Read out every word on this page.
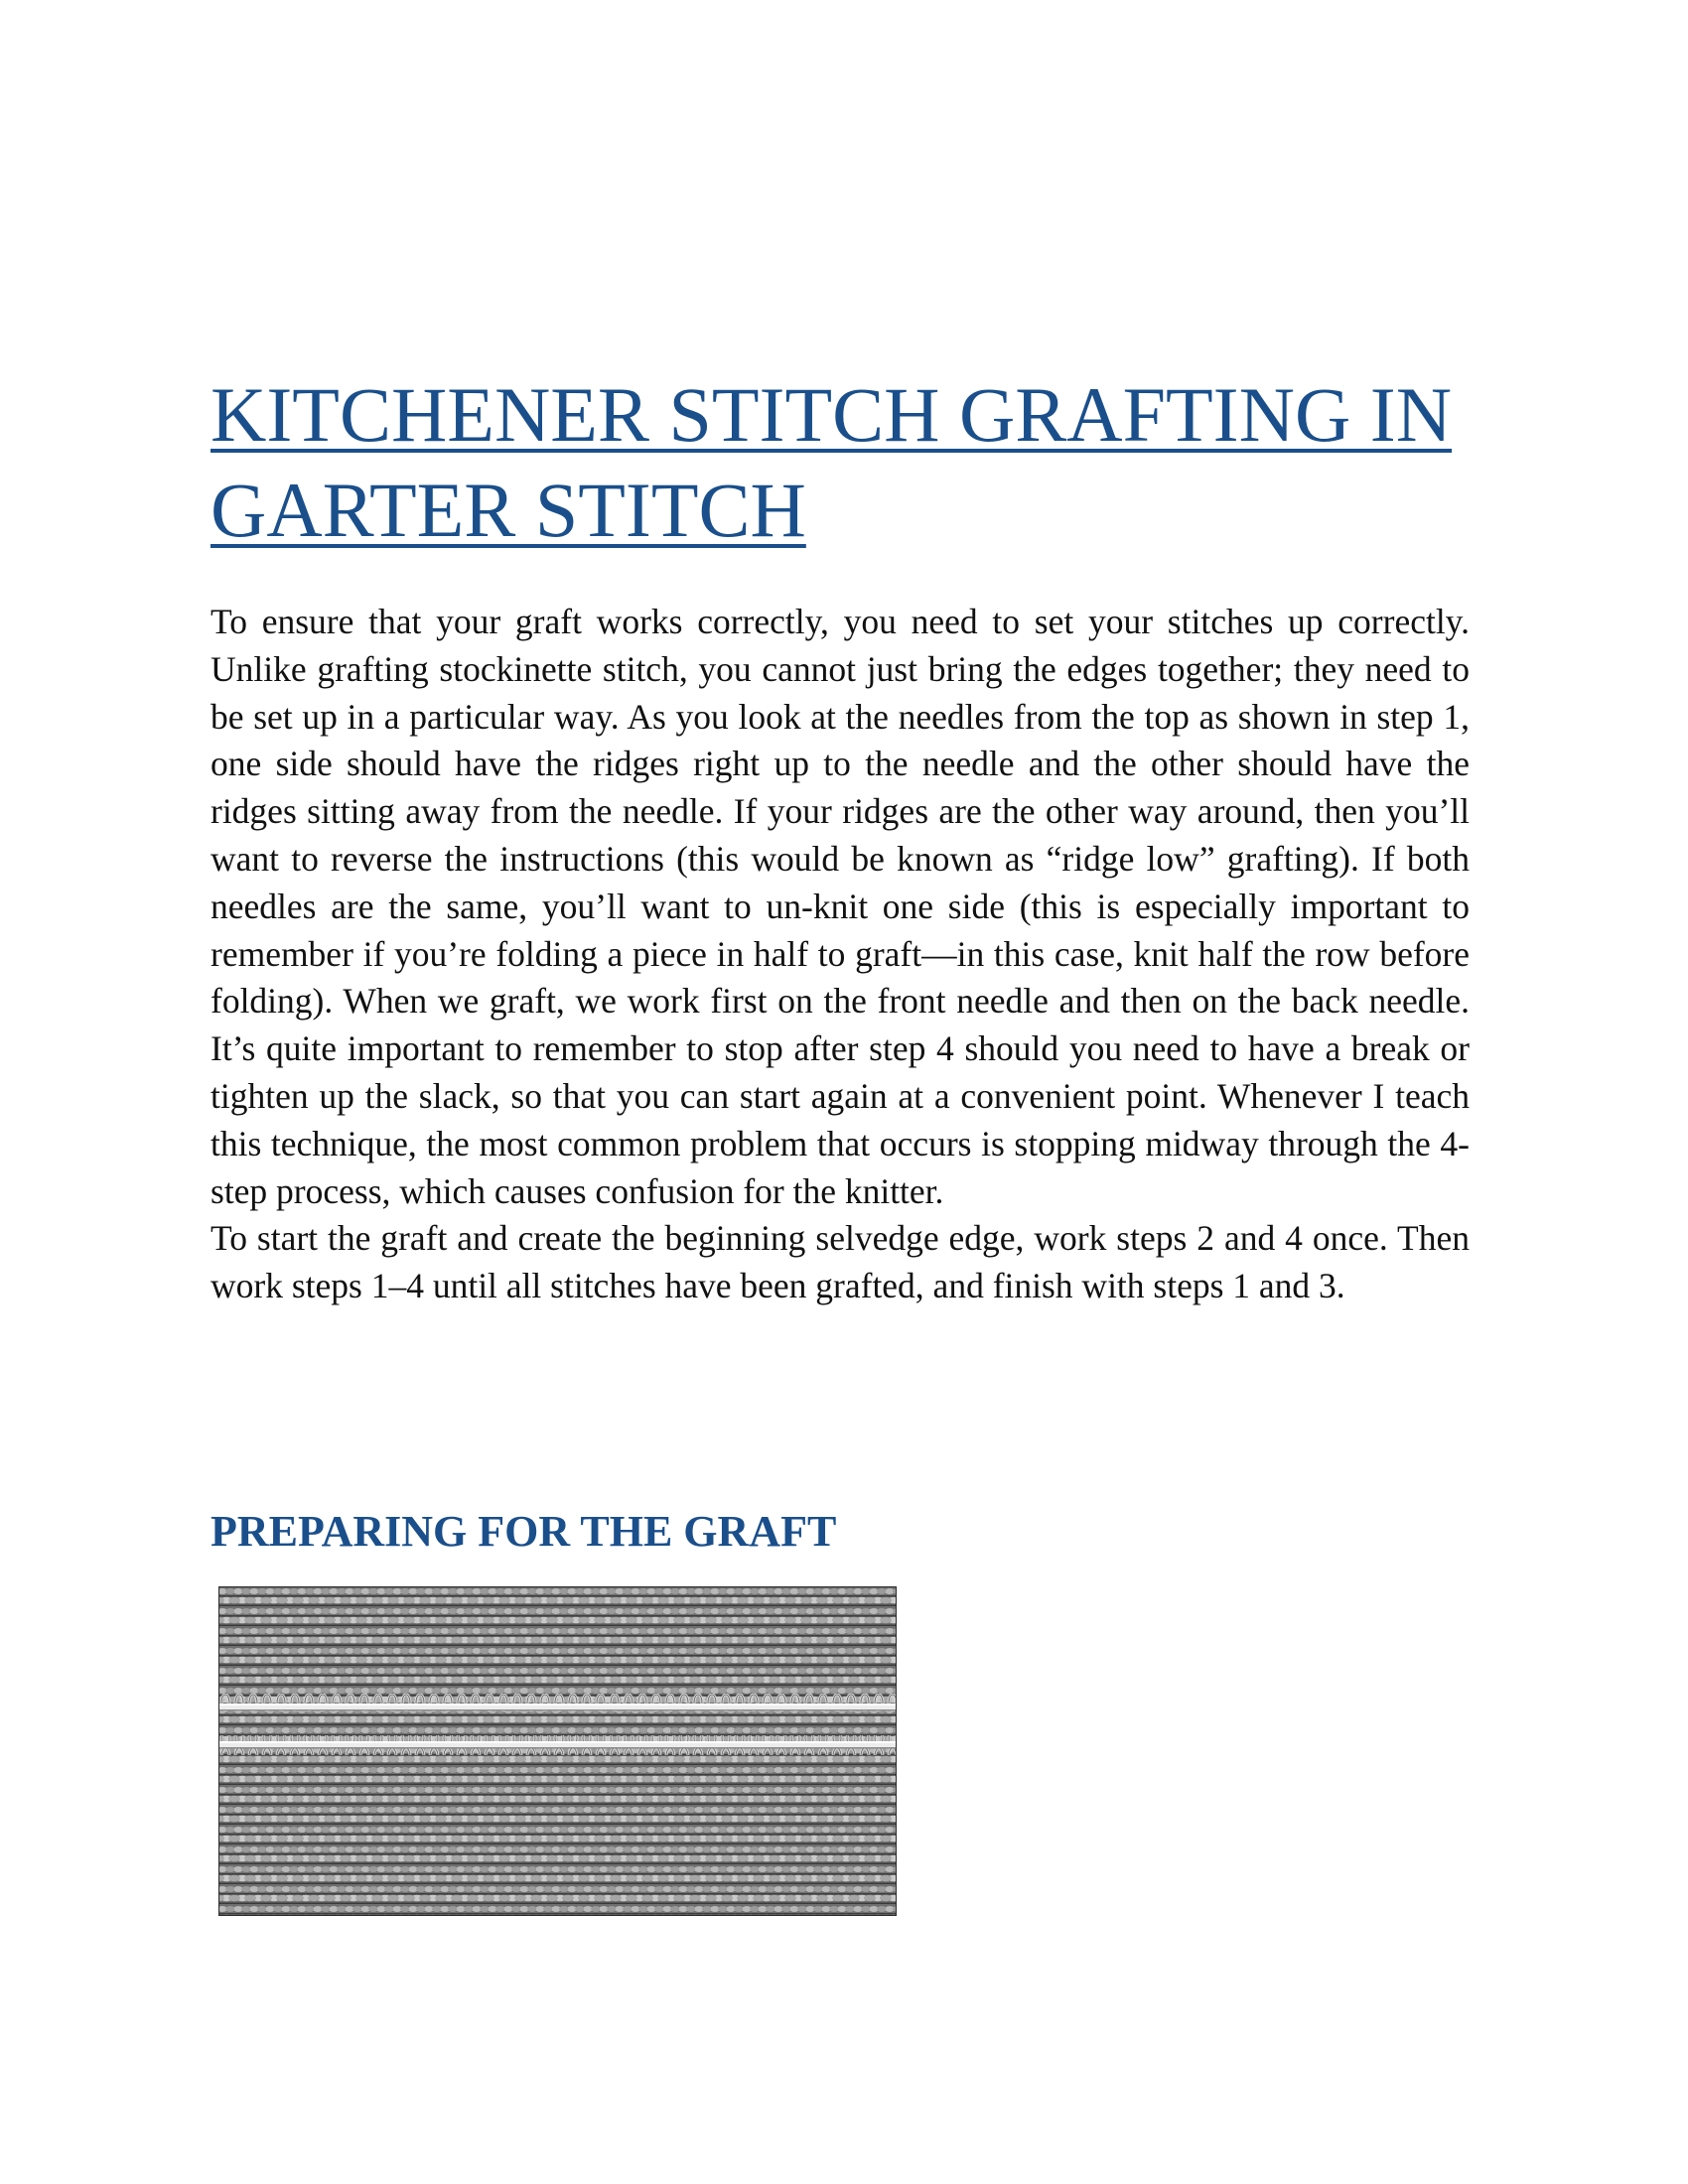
KITCHENER STITCH GRAFTING IN GARTER STITCH

To ensure that your graft works correctly, you need to set your stitches up correctly. Unlike grafting stockinette stitch, you cannot just bring the edges together; they need to be set up in a particular way. As you look at the needles from the top as shown in step 1, one side should have the ridges right up to the needle and the other should have the ridges sitting away from the needle. If your ridges are the other way around, then you’ll want to reverse the instructions (this would be known as “ridge low” grafting). If both needles are the same, you’ll want to un-knit one side (this is especially important to remember if you’re folding a piece in half to graft—in this case, knit half the row before folding). When we graft, we work first on the front needle and then on the back needle. It’s quite important to remember to stop after step 4 should you need to have a break or tighten up the slack, so that you can start again at a convenient point. Whenever I teach this technique, the most common problem that occurs is stopping midway through the 4-step process, which causes confusion for the knitter.

To start the graft and create the beginning selvedge edge, work steps 2 and 4 once. Then work steps 1–4 until all stitches have been grafted, and finish with steps 1 and 3.

PREPARING FOR THE GRAFT
